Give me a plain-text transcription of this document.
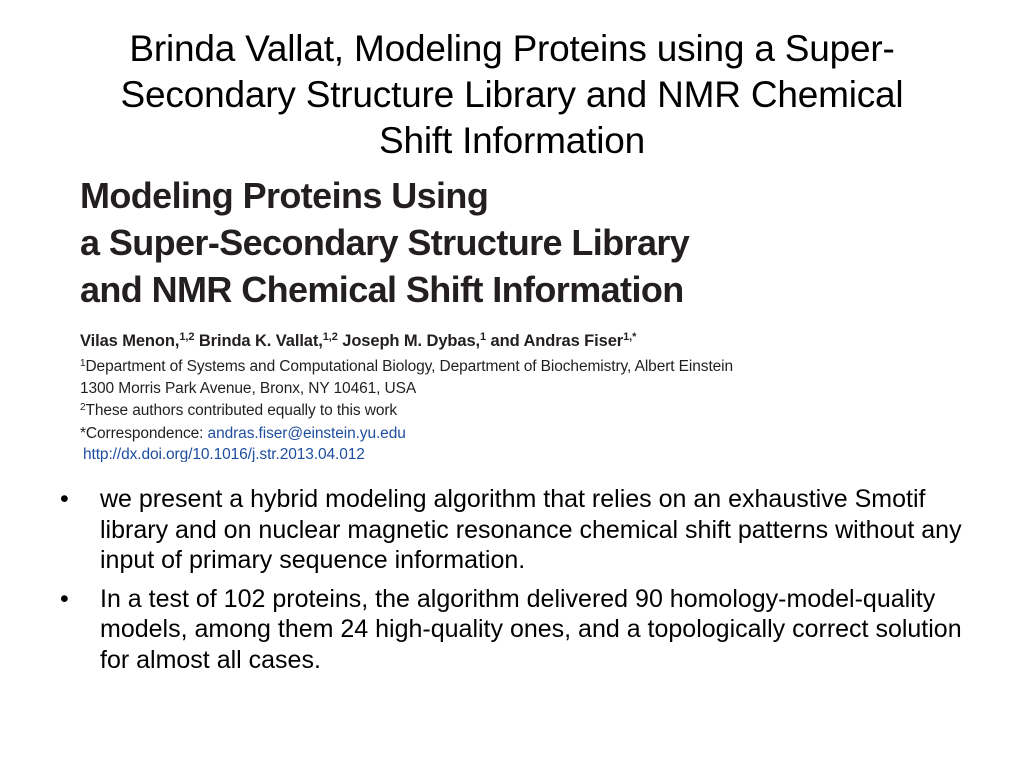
Brinda Vallat, Modeling Proteins using a Super-
Secondary Structure Library and NMR Chemical
Shift Information
Modeling Proteins Using
a Super-Secondary Structure Library
and NMR Chemical Shift Information
Vilas Menon,$^{1,2}$ Brinda K. Vallat,$^{1,2}$ Joseph M. Dybas,$^1$ and Andras Fiser$^{1,*}$
$^1$Department of Systems and Computational Biology, Department of Biochemistry, Albert Einstein
1300 Morris Park Avenue, Bronx, NY 10461, USA
$^2$These authors contributed equally to this work
*Correspondence: andras.fiser@einstein.yu.edu
http://dx.doi.org/10.1016/j.str.2013.04.012
• we present a hybrid modeling algorithm that relies on an exhaustive Smotif library and on nuclear magnetic resonance chemical shift patterns without any input of primary sequence information.
• In a test of 102 proteins, the algorithm delivered 90 homology-model-quality models, among them 24 high-quality ones, and a topologically correct solution for almost all cases.
